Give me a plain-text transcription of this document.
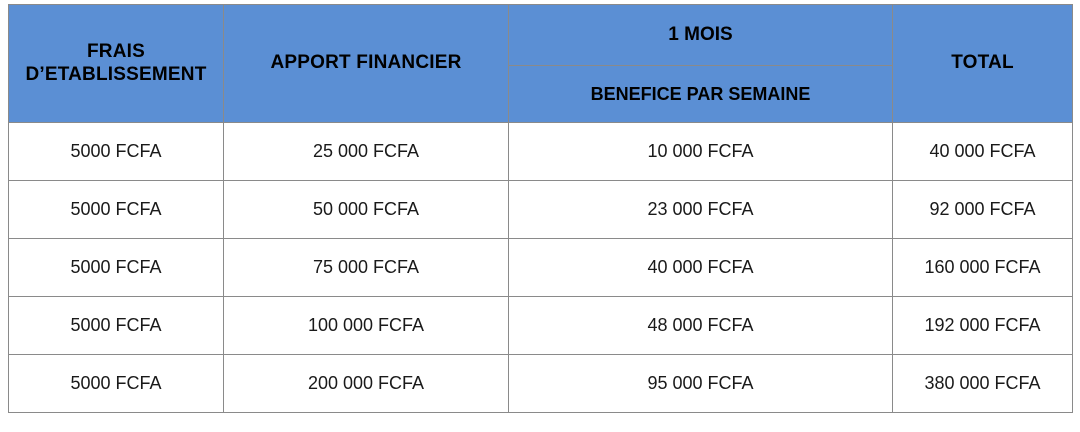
FRAIS D’ETABLISSEMENT	APPORT FINANCIER	1 MOIS	TOTAL
		BENEFICE PAR SEMAINE	
5000 FCFA	25 000 FCFA	10 000 FCFA	40 000 FCFA
5000 FCFA	50 000 FCFA	23 000 FCFA	92 000 FCFA
5000 FCFA	75 000 FCFA	40 000 FCFA	160 000 FCFA
5000 FCFA	100 000 FCFA	48 000 FCFA	192 000 FCFA
5000 FCFA	200 000 FCFA	95 000 FCFA	380 000 FCFA
